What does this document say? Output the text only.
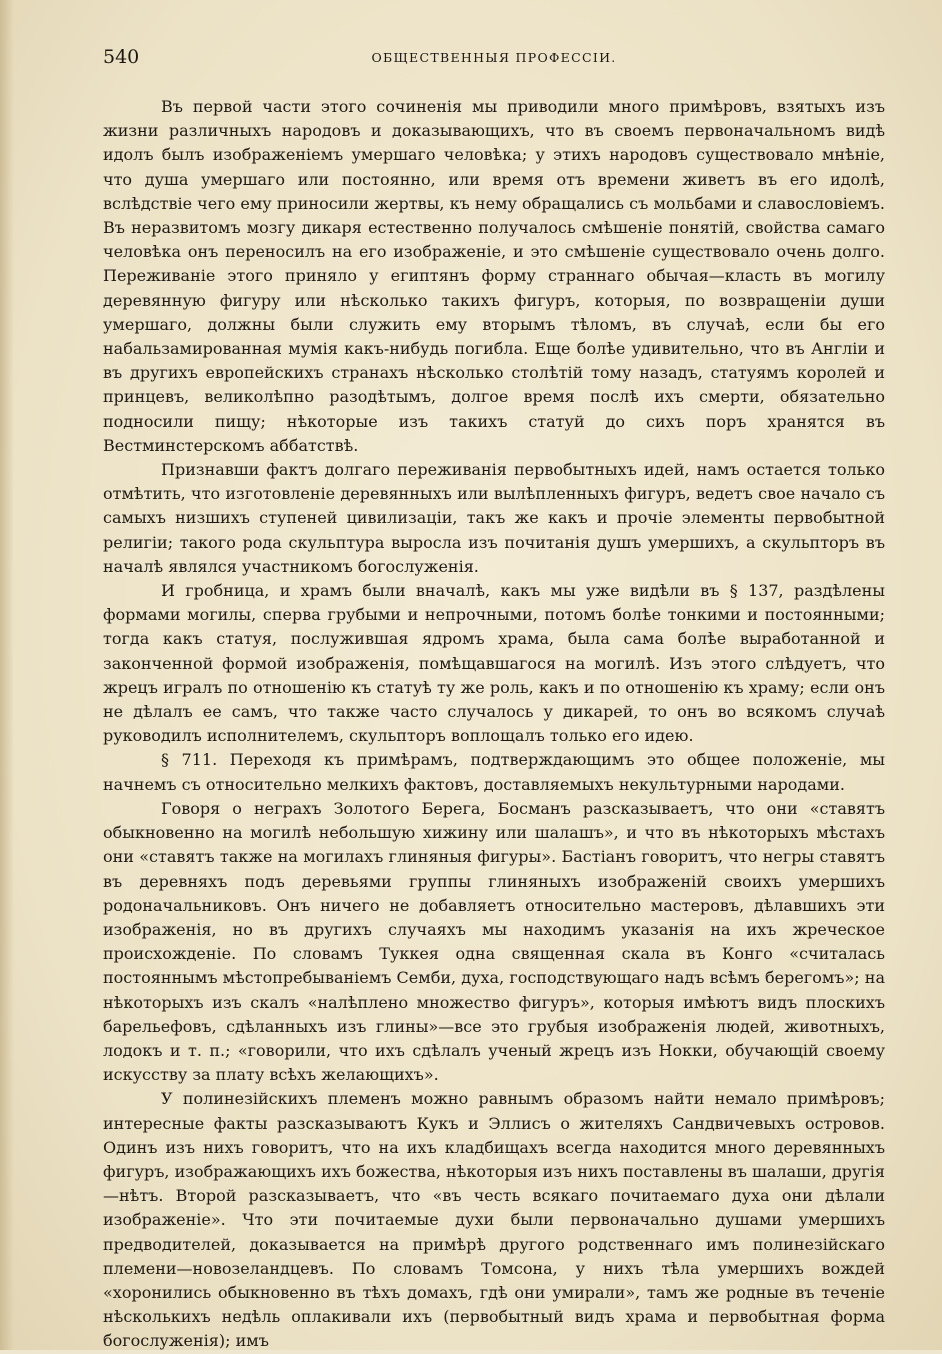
540	ОБЩЕСТВЕННЫЯ ПРОФЕССІИ.

Въ первой части этого сочиненія мы приводили много примѣровъ, взятыхъ изъ жизни различныхъ народовъ и доказывающихъ, что въ своемъ первоначальномъ видѣ идолъ былъ изображеніемъ умершаго человѣка; у этихъ народовъ существовало мнѣніе, что душа умершаго или постоянно, или время отъ времени живетъ въ его идолѣ, вслѣдствіе чего ему приносили жертвы, къ нему обращались съ мольбами и славословіемъ. Въ неразвитомъ мозгу дикаря естественно получалось смѣшеніе понятій, свойства самаго человѣка онъ переносилъ на его изображеніе, и это смѣшеніе существовало очень долго. Переживаніе этого приняло у египтянъ форму страннаго обычая—класть въ могилу деревянную фигуру или нѣсколько такихъ фигуръ, которыя, по возвращеніи души умершаго, должны были служить ему вторымъ тѣломъ, въ случаѣ, если бы его набальзамированная мумія какъ-нибудь погибла. Еще болѣе удивительно, что въ Англіи и въ другихъ европейскихъ странахъ нѣсколько столѣтій тому назадъ, статуямъ королей и принцевъ, великолѣпно разодѣтымъ, долгое время послѣ ихъ смерти, обязательно подносили пищу; нѣкоторые изъ такихъ статуй до сихъ поръ хранятся въ Вестминстерскомъ аббатствѣ.

Признавши фактъ долгаго переживанія первобытныхъ идей, намъ остается только отмѣтить, что изготовленіе деревянныхъ или вылѣпленныхъ фигуръ, ведетъ свое начало съ самыхъ низшихъ ступеней цивилизаціи, такъ же какъ и прочіе элементы первобытной религіи; такого рода скульптура выросла изъ почитанія душъ умершихъ, а скульпторъ въ началѣ являлся участникомъ богослуженія.

И гробница, и храмъ были вначалѣ, какъ мы уже видѣли въ § 137, раздѣлены формами могилы, сперва грубыми и непрочными, потомъ болѣе тонкими и постоянными; тогда какъ статуя, послужившая ядромъ храма, была сама болѣе выработанной и законченной формой изображенія, помѣщавшагося на могилѣ. Изъ этого слѣдуетъ, что жрецъ игралъ по отношенію къ статуѣ ту же роль, какъ и по отношенію къ храму; если онъ не дѣлалъ ее самъ, что также часто случалось у дикарей, то онъ во всякомъ случаѣ руководилъ исполнителемъ, скульпторъ воплощалъ только его идею.

§ 711. Переходя къ примѣрамъ, подтверждающимъ это общее положеніе, мы начнемъ съ относительно мелкихъ фактовъ, доставляемыхъ некультурными народами.

Говоря о неграхъ Золотого Берега, Босманъ разсказываетъ, что они «ставятъ обыкновенно на могилѣ небольшую хижину или шалашъ», и что въ нѣкоторыхъ мѣстахъ они «ставятъ также на могилахъ глиняныя фигуры». Бастіанъ говоритъ, что негры ставятъ въ деревняхъ подъ деревьями группы глиняныхъ изображеній своихъ умершихъ родоначальниковъ. Онъ ничего не добавляетъ относительно мастеровъ, дѣлавшихъ эти изображенія, но въ другихъ случаяхъ мы находимъ указанія на ихъ жреческое происхожденіе. По словамъ Туккея одна священная скала въ Конго «считалась постояннымъ мѣстопребываніемъ Семби, духа, господствующаго надъ всѣмъ берегомъ»; на нѣкоторыхъ изъ скалъ «налѣплено множество фигуръ», которыя имѣютъ видъ плоскихъ барельефовъ, сдѣланныхъ изъ глины»—все это грубыя изображенія людей, животныхъ, лодокъ и т. п.; «говорили, что ихъ сдѣлалъ ученый жрецъ изъ Нокки, обучающій своему искусству за плату всѣхъ желающихъ».

У полинезійскихъ племенъ можно равнымъ образомъ найти немало примѣровъ; интересные факты разсказываютъ Кукъ и Эллисъ о жителяхъ Сандвичевыхъ островов. Одинъ изъ нихъ говоритъ, что на ихъ кладбищахъ всегда находится много деревянныхъ фигуръ, изображающихъ ихъ божества, нѣкоторыя изъ нихъ поставлены въ шалаши, другія—нѣтъ. Второй разсказываетъ, что «въ честь всякаго почитаемаго духа они дѣлали изображеніе». Что эти почитаемые духи были первоначально душами умершихъ предводителей, доказывается на примѣрѣ другого родственнаго имъ полинезійскаго племени—новозеландцевъ. По словамъ Томсона, у нихъ тѣла умершихъ вождей «хоронились обыкновенно въ тѣхъ домахъ, гдѣ они умирали», тамъ же родные въ теченіе нѣсколькихъ недѣль оплакивали ихъ (первобытный видъ храма и первобытная форма богослуженія); имъ
